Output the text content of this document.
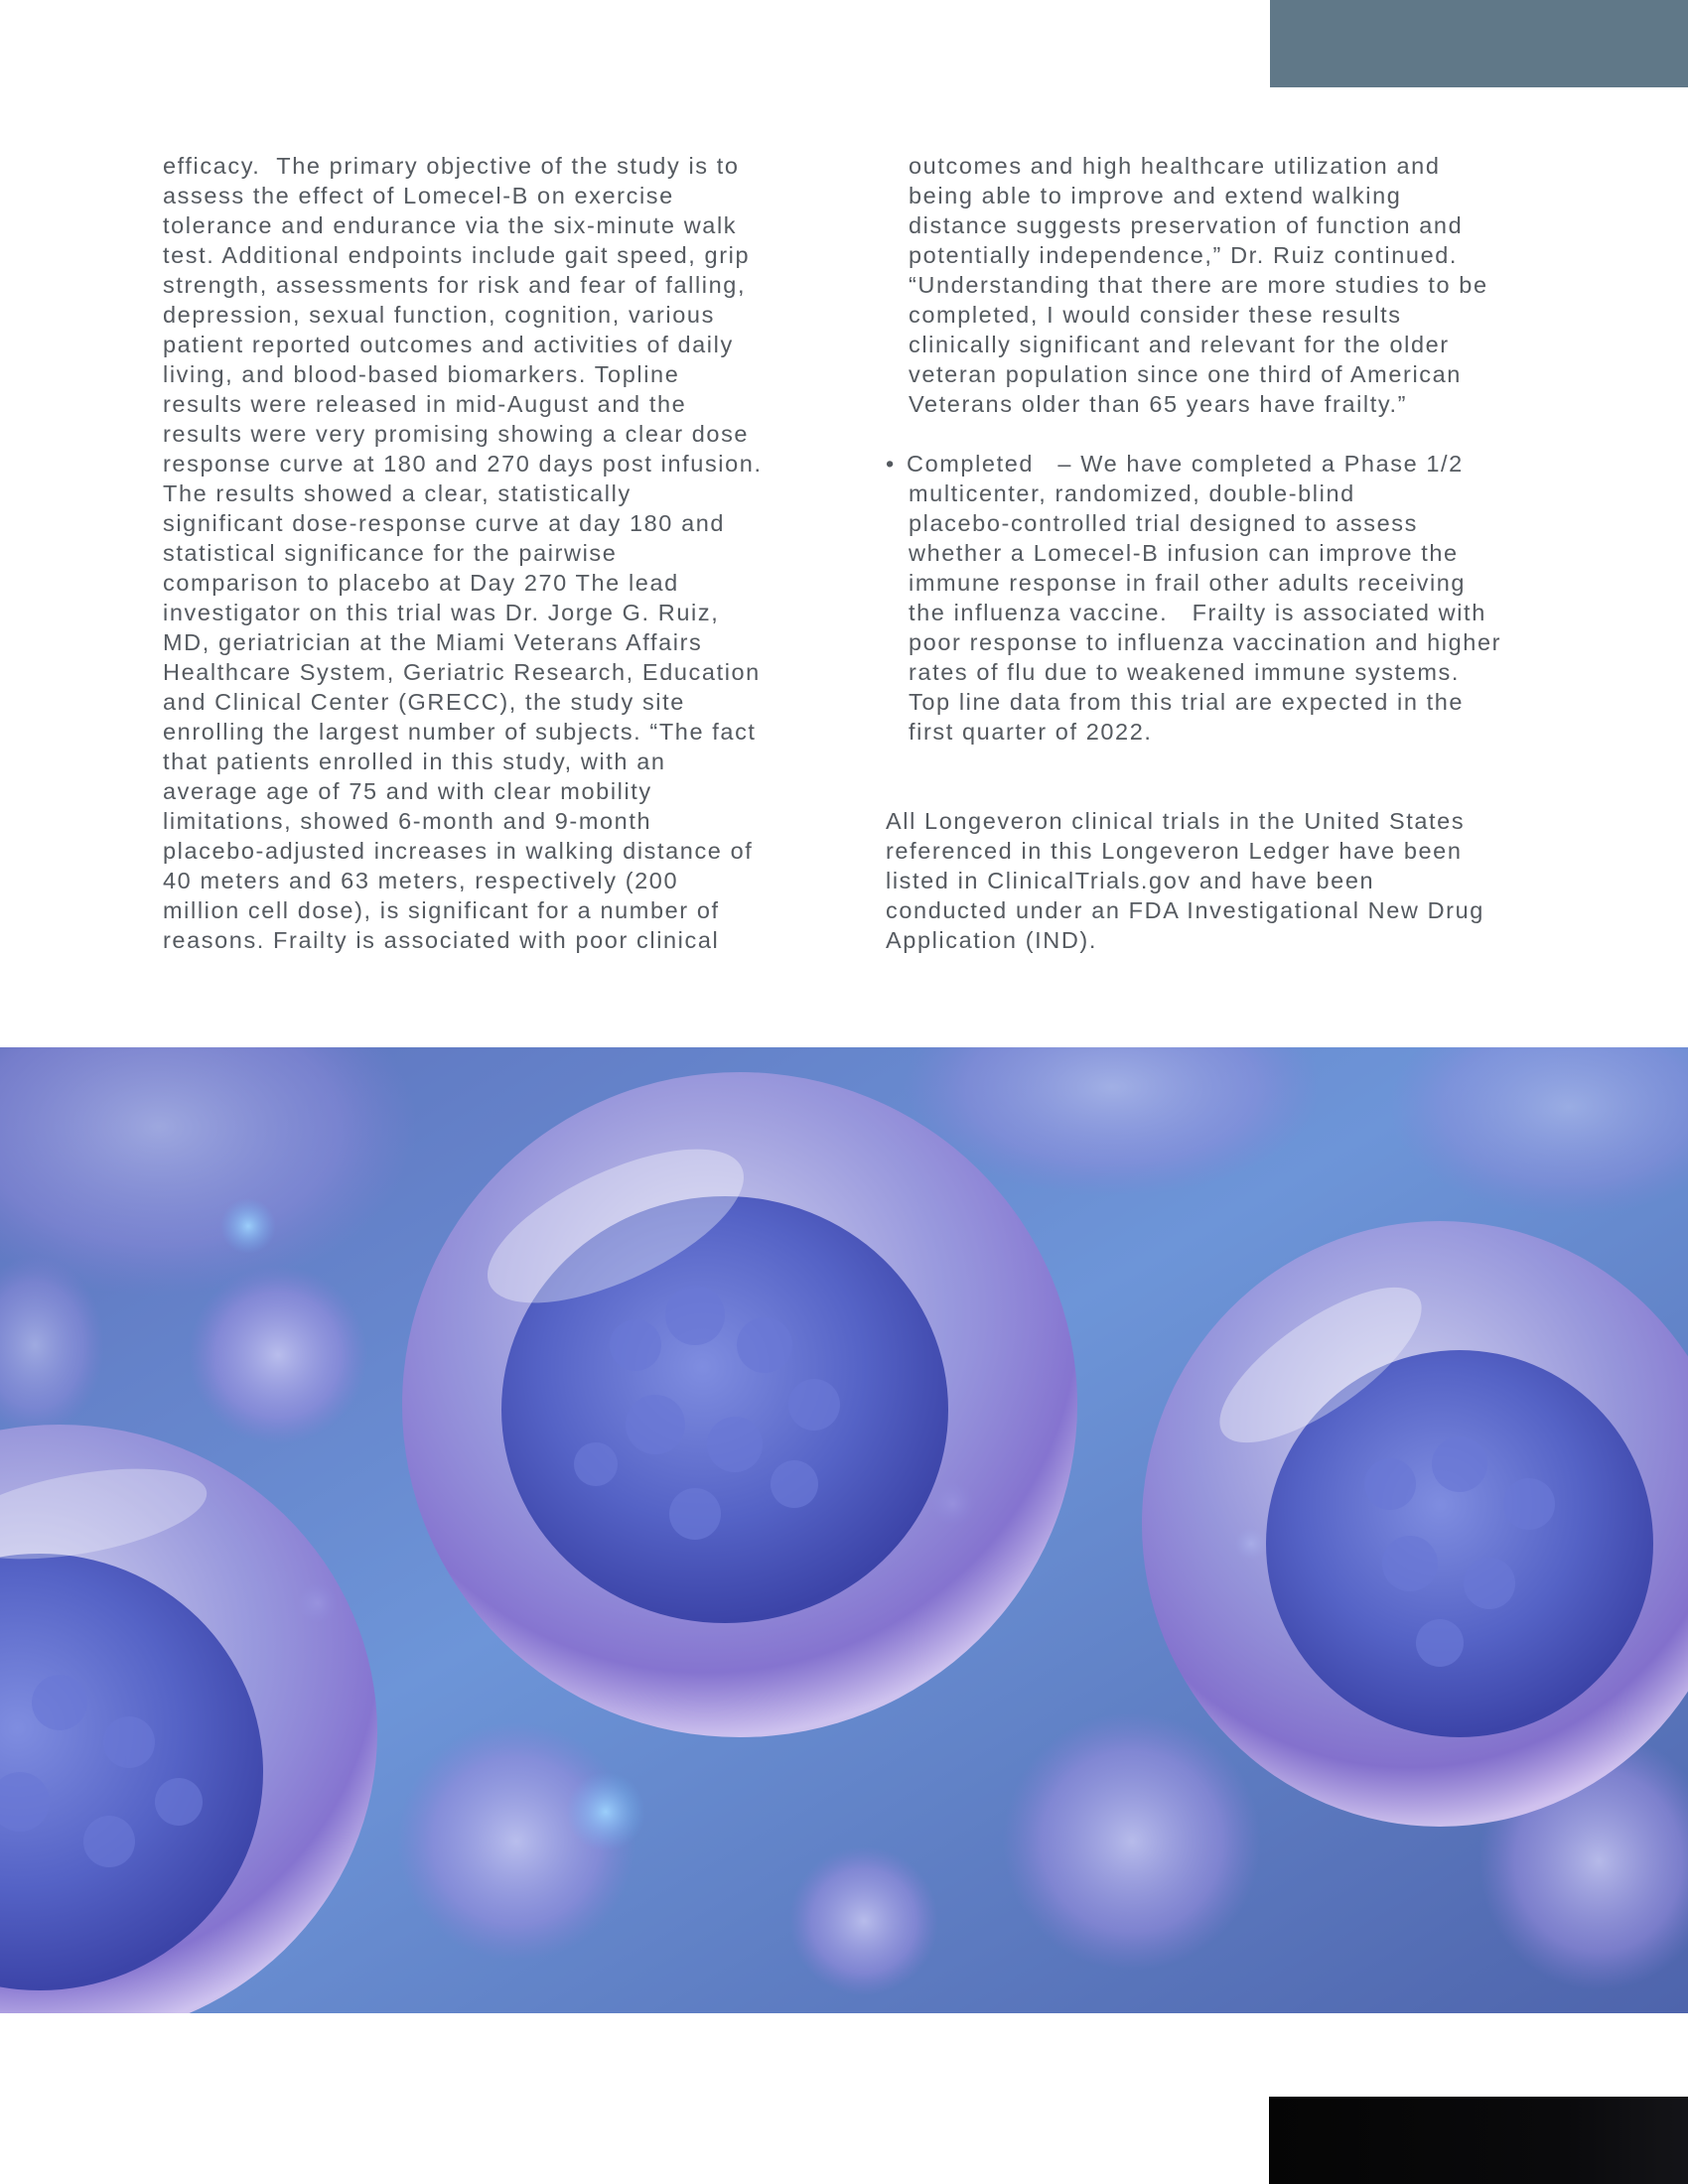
efficacy.  The primary objective of the study is to

assess the effect of Lomecel-B on exercise

tolerance and endurance via the six-minute walk

test. Additional endpoints include gait speed, grip

strength, assessments for risk and fear of falling,

depression, sexual function, cognition, various

patient reported outcomes and activities of daily

living, and blood-based biomarkers. Topline

results were released in mid-August and the

results were very promising showing a clear dose

response curve at 180 and 270 days post infusion.

The results showed a clear, statistically

significant dose-response curve at day 180 and

statistical significance for the pairwise

comparison to placebo at Day 270 The lead

investigator on this trial was Dr. Jorge G. Ruiz,

MD, geriatrician at the Miami Veterans Affairs

Healthcare System, Geriatric Research, Education

and Clinical Center (GRECC), the study site

enrolling the largest number of subjects. “The fact

that patients enrolled in this study, with an

average age of 75 and with clear mobility

limitations, showed 6-month and 9-month

placebo-adjusted increases in walking distance of

40 meters and 63 meters, respectively (200

million cell dose), is significant for a number of

reasons. Frailty is associated with poor clinical

outcomes and high healthcare utilization and

being able to improve and extend walking

distance suggests preservation of function and

potentially independence,” Dr. Ruiz continued.

“Understanding that there are more studies to be

completed, I would consider these results

clinically significant and relevant for the older

veteran population since one third of American

Veterans older than 65 years have frailty.”

• Completed   – We have completed a Phase 1/2

multicenter, randomized, double-blind

placebo-controlled trial designed to assess

whether a Lomecel-B infusion can improve the

immune response in frail other adults receiving

the influenza vaccine.   Frailty is associated with

poor response to influenza vaccination and higher

rates of flu due to weakened immune systems.

Top line data from this trial are expected in the

first quarter of 2022.

All Longeveron clinical trials in the United States

referenced in this Longeveron Ledger have been

listed in ClinicalTrials.gov and have been

conducted under an FDA Investigational New Drug

Application (IND).
